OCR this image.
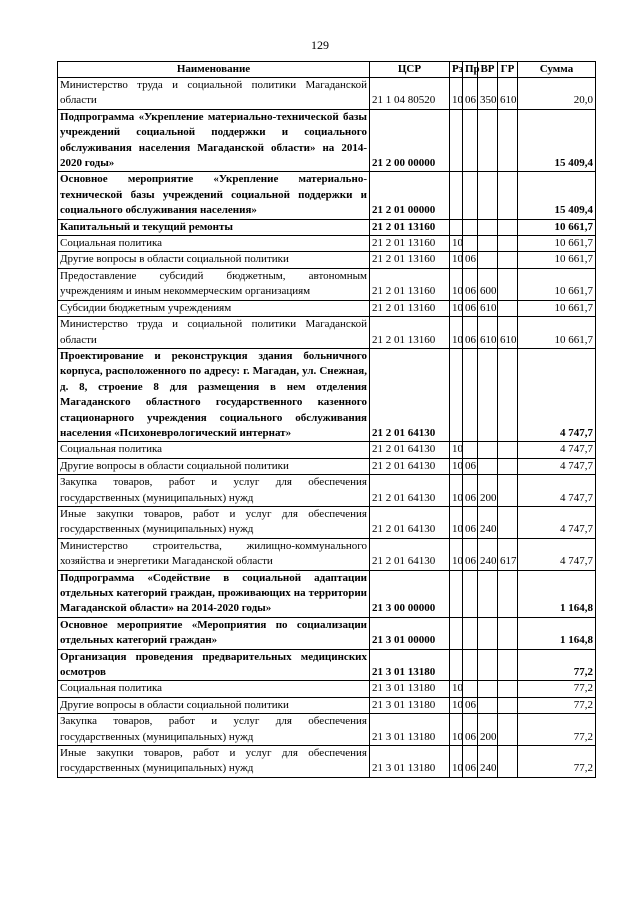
129
Наименование	ЦСР	Рз	Пр	ВР	ГР	Сумма
Министерство труда и социальной политики Магаданской области	21 1 04 80520	10	06	350	610	20,0
Подпрограмма «Укрепление материально-технической базы учреждений социальной поддержки и социального обслуживания населения Магаданской области» на 2014-2020 годы»	21 2 00 00000					15 409,4
Основное мероприятие «Укрепление материально-технической базы учреждений социальной поддержки и социального обслуживания населения»	21 2 01 00000					15 409,4
Капитальный и текущий ремонты	21 2 01 13160					10 661,7
Социальная политика	21 2 01 13160	10				10 661,7
Другие вопросы в области социальной политики	21 2 01 13160	10	06			10 661,7
Предоставление субсидий бюджетным, автономным учреждениям и иным некоммерческим организациям	21 2 01 13160	10	06	600		10 661,7
Субсидии бюджетным учреждениям	21 2 01 13160	10	06	610		10 661,7
Министерство труда и социальной политики Магаданской области	21 2 01 13160	10	06	610	610	10 661,7
Проектирование и реконструкция здания больничного корпуса, расположенного по адресу: г. Магадан, ул. Снежная, д. 8, строение 8 для размещения в нем отделения Магаданского областного государственного казенного стационарного учреждения социального обслуживания населения «Психоневрологический интернат»	21 2 01 64130					4 747,7
Социальная политика	21 2 01 64130	10				4 747,7
Другие вопросы в области социальной политики	21 2 01 64130	10	06			4 747,7
Закупка товаров, работ и услуг для обеспечения государственных (муниципальных) нужд	21 2 01 64130	10	06	200		4 747,7
Иные закупки товаров, работ и услуг для обеспечения государственных (муниципальных) нужд	21 2 01 64130	10	06	240		4 747,7
Министерство строительства, жилищно-коммунального хозяйства и энергетики Магаданской области	21 2 01 64130	10	06	240	617	4 747,7
Подпрограмма «Содействие в социальной адаптации отдельных категорий граждан, проживающих на территории Магаданской области» на 2014-2020 годы»	21 3 00 00000					1 164,8
Основное мероприятие «Мероприятия по социализации отдельных категорий граждан»	21 3 01 00000					1 164,8
Организация проведения предварительных медицинских осмотров	21 3 01 13180					77,2
Социальная политика	21 3 01 13180	10				77,2
Другие вопросы в области социальной политики	21 3 01 13180	10	06			77,2
Закупка товаров, работ и услуг для обеспечения государственных (муниципальных) нужд	21 3 01 13180	10	06	200		77,2
Иные закупки товаров, работ и услуг для обеспечения государственных (муниципальных) нужд	21 3 01 13180	10	06	240		77,2
